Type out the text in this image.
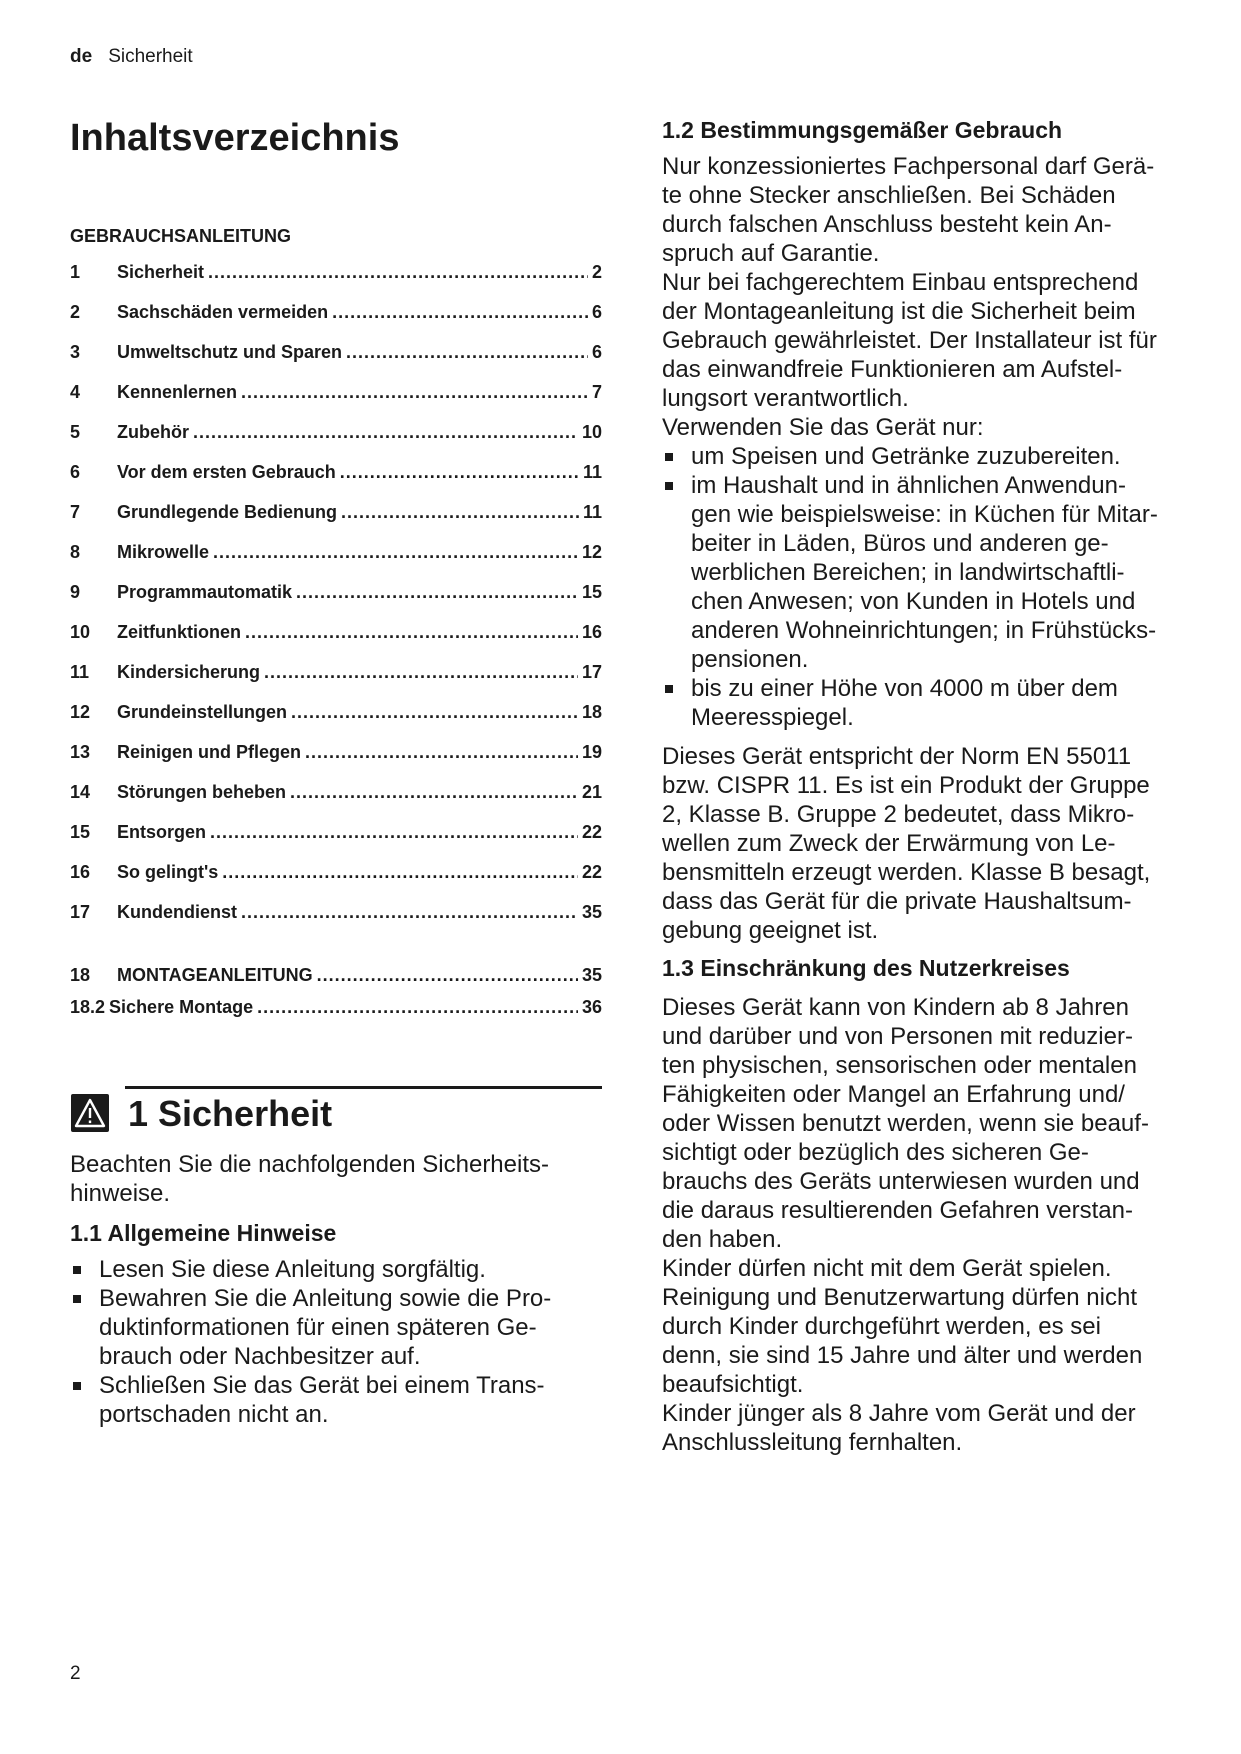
de Sicherheit
Inhaltsverzeichnis
GEBRAUCHSANLEITUNG
1	Sicherheit .....	2
2	Sachschäden vermeiden .....	6
3	Umweltschutz und Sparen .....	6
4	Kennenlernen .....	7
5	Zubehör .....	10
6	Vor dem ersten Gebrauch .....	11
7	Grundlegende Bedienung .....	11
8	Mikrowelle .....	12
9	Programmautomatik .....	15
10	Zeitfunktionen .....	16
11	Kindersicherung .....	17
12	Grundeinstellungen .....	18
13	Reinigen und Pflegen .....	19
14	Störungen beheben .....	21
15	Entsorgen .....	22
16	So gelingt's .....	22
17	Kundendienst .....	35
18	MONTAGEANLEITUNG .....	35
18.2 Sichere Montage .....	36
1 Sicherheit

Beachten Sie die nachfolgenden Sicherheits-

hinweise.

1.1 Allgemeine Hinweise
Lesen Sie diese Anleitung sorgfältig.
Bewahren Sie die Anleitung sowie die Pro-
duktinformationen für einen späteren Ge-
brauch oder Nachbesitzer auf.
Schließen Sie das Gerät bei einem Trans-
portschaden nicht an.
1.2 Bestimmungsgemäßer Gebrauch

Nur konzessioniertes Fachpersonal darf Gerä-

te ohne Stecker anschließen. Bei Schäden

durch falschen Anschluss besteht kein An-

spruch auf Garantie.

Nur bei fachgerechtem Einbau entsprechend

der Montageanleitung ist die Sicherheit beim

Gebrauch gewährleistet. Der Installateur ist für

das einwandfreie Funktionieren am Aufstel-

lungsort verantwortlich.

Verwenden Sie das Gerät nur:

um Speisen und Getränke zuzubereiten.
im Haushalt und in ähnlichen Anwendun-
gen wie beispielsweise: in Küchen für Mitar-
beiter in Läden, Büros und anderen ge-
werblichen Bereichen; in landwirtschaftli-
chen Anwesen; von Kunden in Hotels und
anderen Wohneinrichtungen; in Frühstücks-
pensionen.
bis zu einer Höhe von 4000 m über dem
Meeresspiegel.

Dieses Gerät entspricht der Norm EN 55011

bzw. CISPR 11. Es ist ein Produkt der Gruppe

2, Klasse B. Gruppe 2 bedeutet, dass Mikro-

wellen zum Zweck der Erwärmung von Le-

bensmitteln erzeugt werden. Klasse B besagt,

dass das Gerät für die private Haushaltsum-

gebung geeignet ist.

1.3 Einschränkung des Nutzerkreises

Dieses Gerät kann von Kindern ab 8 Jahren

und darüber und von Personen mit reduzier-

ten physischen, sensorischen oder mentalen

Fähigkeiten oder Mangel an Erfahrung und/

oder Wissen benutzt werden, wenn sie beauf-

sichtigt oder bezüglich des sicheren Ge-

brauchs des Geräts unterwiesen wurden und

die daraus resultierenden Gefahren verstan-

den haben.

Kinder dürfen nicht mit dem Gerät spielen.

Reinigung und Benutzerwartung dürfen nicht

durch Kinder durchgeführt werden, es sei

denn, sie sind 15 Jahre und älter und werden

beaufsichtigt.

Kinder jünger als 8 Jahre vom Gerät und der

Anschlussleitung fernhalten.

2
